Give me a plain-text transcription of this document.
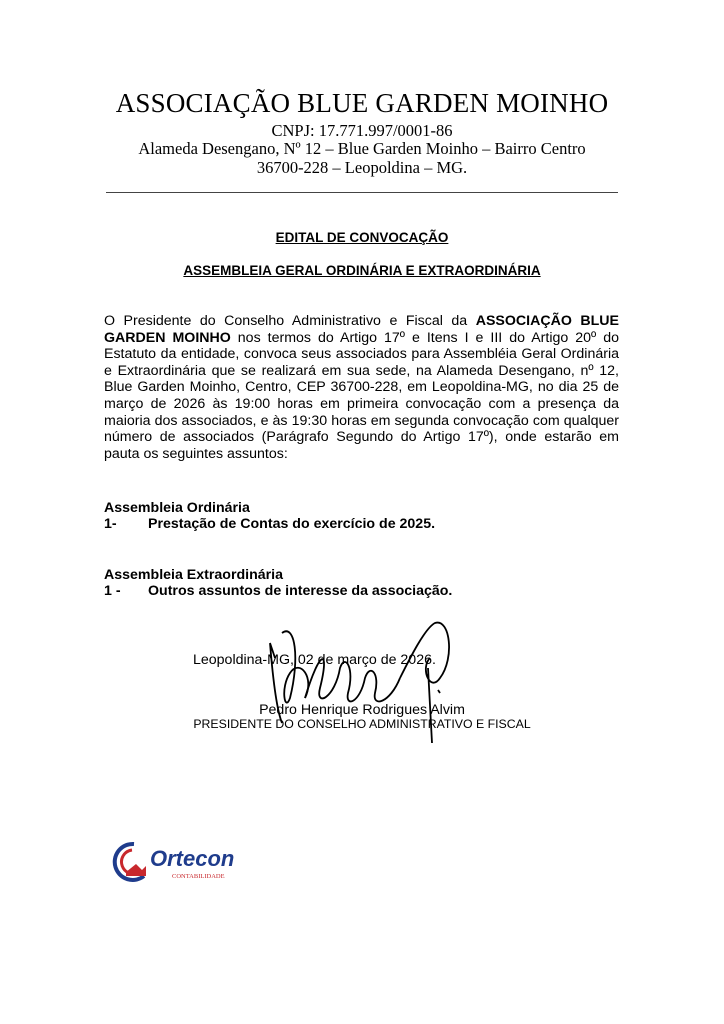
ASSOCIAÇÃO BLUE GARDEN MOINHO
CNPJ: 17.771.997/0001-86
Alameda Desengano, Nº 12 – Blue Garden Moinho – Bairro Centro
36700-228 – Leopoldina – MG.
EDITAL DE CONVOCAÇÃO
ASSEMBLEIA GERAL ORDINÁRIA E EXTRAORDINÁRIA
O Presidente do Conselho Administrativo e Fiscal da ASSOCIAÇÃO BLUE GARDEN MOINHO nos termos do Artigo 17º e Itens I e III do Artigo 20º do Estatuto da entidade, convoca seus associados para Assembléia Geral Ordinária e Extraordinária que se realizará em sua sede, na Alameda Desengano, nº 12, Blue Garden Moinho, Centro, CEP 36700-228, em Leopoldina-MG, no dia 25 de março de 2026 às 19:00 horas em primeira convocação com a presença da maioria dos associados, e às 19:30 horas em segunda convocação com qualquer número de associados (Parágrafo Segundo do Artigo 17º), onde estarão em pauta os seguintes assuntos:
Assembleia Ordinária
1- Prestação de Contas do exercício de 2025.
Assembleia Extraordinária
1 - Outros assuntos de interesse da associação.
Leopoldina-MG, 02 de março de 2026.
Pedro Henrique Rodrigues Alvim
PRESIDENTE DO CONSELHO ADMINISTRATIVO E FISCAL
Ortecon
CONTABILIDADE
